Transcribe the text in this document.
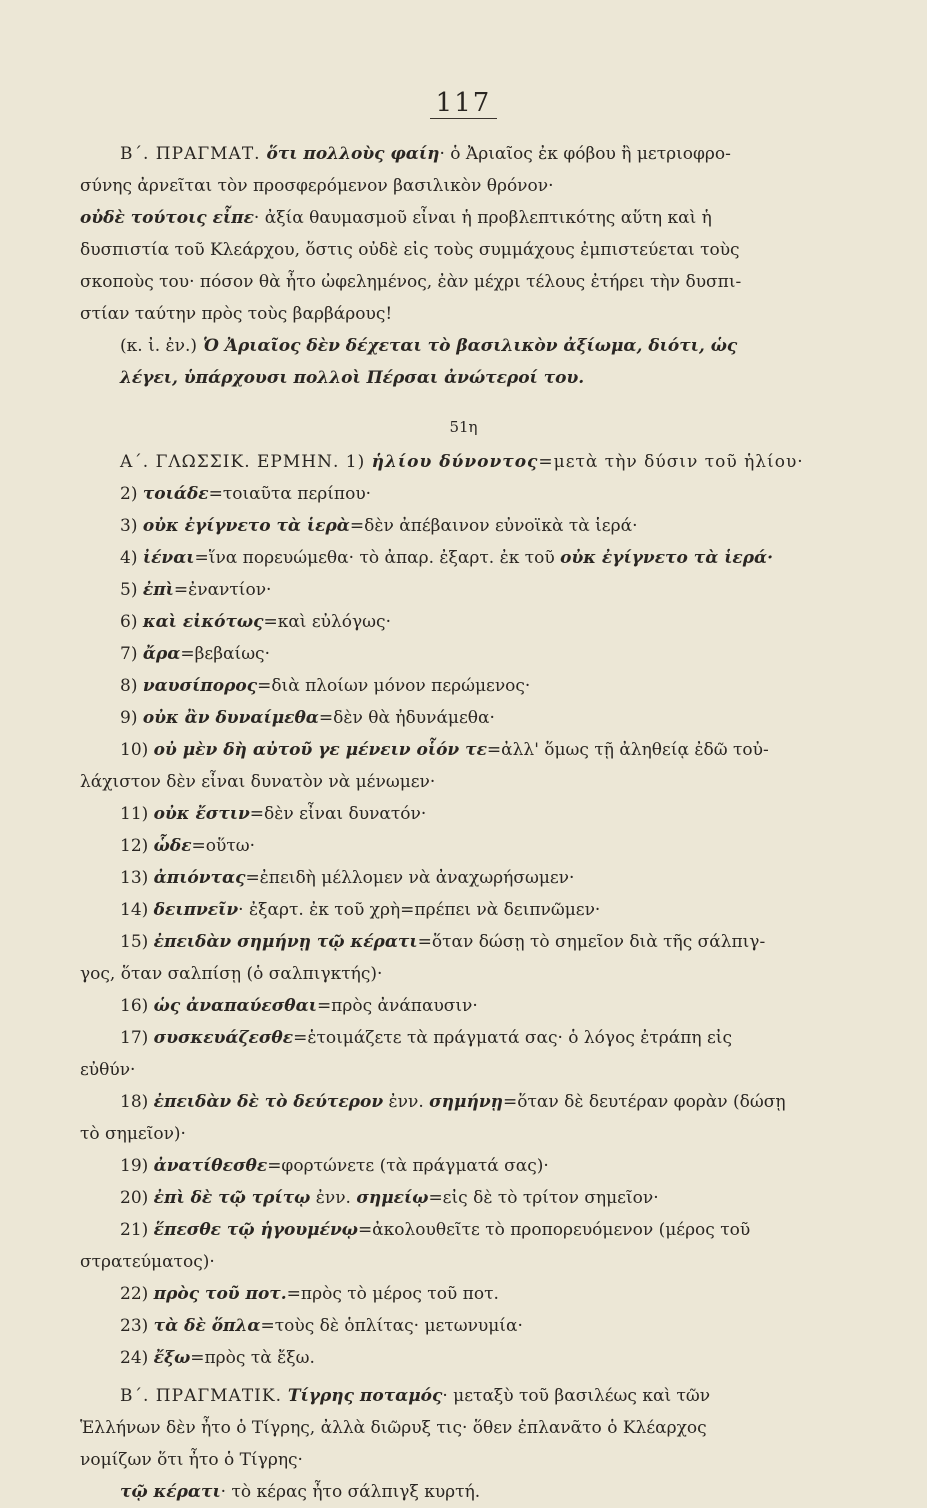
117

Β΄. ΠΡΑΓΜΑΤ. ὅτι πολλοὺς φαίη· ὁ Ἀριαῖος ἐκ φόβου ἢ μετριοφρο-
σύνης ἀρνεῖται τὸν προσφερόμενον βασιλικὸν θρόνον·
οὐδὲ τούτοις εἶπε· ἀξία θαυμασμοῦ εἶναι ἡ προβλεπτικότης αὕτη καὶ ἡ
δυσπιστία τοῦ Κλεάρχου, ὅστις οὐδὲ εἰς τοὺς συμμάχους ἐμπιστεύεται τοὺς
σκοποὺς του· πόσον θὰ ἦτο ὠφελημένος, ἐὰν μέχρι τέλους ἐτήρει τὴν δυσπι-
στίαν ταύτην πρὸς τοὺς βαρβάρους!
(κ. ἰ. ἐν.) Ὁ Ἀριαῖος δὲν δέχεται τὸ βασιλικὸν ἀξίωμα, διότι, ὡς
λέγει, ὑπάρχουσι πολλοὶ Πέρσαι ἀνώτεροί του.

51η

Α΄. ΓΛΩΣΣΙΚ. ΕΡΜΗΝ. 1) ἡλίου δύνοντος=μετὰ τὴν δύσιν τοῦ ἡλίου·

2) τοιάδε=τοιαῦτα περίπου·

3) οὐκ ἐγίγνετο τὰ ἱερὰ=δὲν ἀπέβαινον εὐνοϊκὰ τὰ ἱερά·

4) ἰέναι=ἵνα πορευώμεθα· τὸ ἀπαρ. ἐξαρτ. ἐκ τοῦ οὐκ ἐγίγνετο τὰ ἱερά·

5) ἐπὶ=ἐναντίον·

6) καὶ εἰκότως=καὶ εὐλόγως·

7) ἄρα=βεβαίως·

8) ναυσίπορος=διὰ πλοίων μόνον περώμενος·

9) οὐκ ἂν δυναίμεθα=δὲν θὰ ἠδυνάμεθα·

10) οὐ μὲν δὴ αὐτοῦ γε μένειν οἷόν τε=ἀλλ' ὅμως τῇ ἀληθείᾳ ἐδῶ τοὐ-
λάχιστον δὲν εἶναι δυνατὸν νὰ μένωμεν·

11) οὐκ ἔστιν=δὲν εἶναι δυνατόν·

12) ὧδε=οὕτω·

13) ἀπιόντας=ἐπειδὴ μέλλομεν νὰ ἀναχωρήσωμεν·

14) δειπνεῖν· ἐξαρτ. ἐκ τοῦ χρὴ=πρέπει νὰ δειπνῶμεν·

15) ἐπειδὰν σημήνῃ τῷ κέρατι=ὅταν δώσῃ τὸ σημεῖον διὰ τῆς σάλπιγ-
γος, ὅταν σαλπίσῃ (ὁ σαλπιγκτής)·

16) ὡς ἀναπαύεσθαι=πρὸς ἀνάπαυσιν·

17) συσκευάζεσθε=ἑτοιμάζετε τὰ πράγματά σας· ὁ λόγος ἐτράπη εἰς
εὐθύν·

18) ἐπειδὰν δὲ τὸ δεύτερον ἐνν. σημήνῃ=ὅταν δὲ δευτέραν φορὰν (δώσῃ
τὸ σημεῖον)·

19) ἀνατίθεσθε=φορτώνετε (τὰ πράγματά σας)·

20) ἐπὶ δὲ τῷ τρίτῳ ἐνν. σημείῳ=εἰς δὲ τὸ τρίτον σημεῖον·

21) ἕπεσθε τῷ ἡγουμένῳ=ἀκολουθεῖτε τὸ προπορευόμενον (μέρος τοῦ
στρατεύματος)·

22) πρὸς τοῦ ποτ.=πρὸς τὸ μέρος τοῦ ποτ.

23) τὰ δὲ ὅπλα=τοὺς δὲ ὁπλίτας· μετωνυμία·

24) ἔξω=πρὸς τὰ ἔξω.

Β΄. ΠΡΑΓΜΑΤΙΚ. Τίγρης ποταμός· μεταξὺ τοῦ βασιλέως καὶ τῶν
Ἑλλήνων δὲν ἦτο ὁ Τίγρης, ἀλλὰ διῶρυξ τις· ὅθεν ἐπλανᾶτο ὁ Κλέαρχος
νομίζων ὅτι ἦτο ὁ Τίγρης·
τῷ κέρατι· τὸ κέρας ἦτο σάλπιγξ κυρτή.
